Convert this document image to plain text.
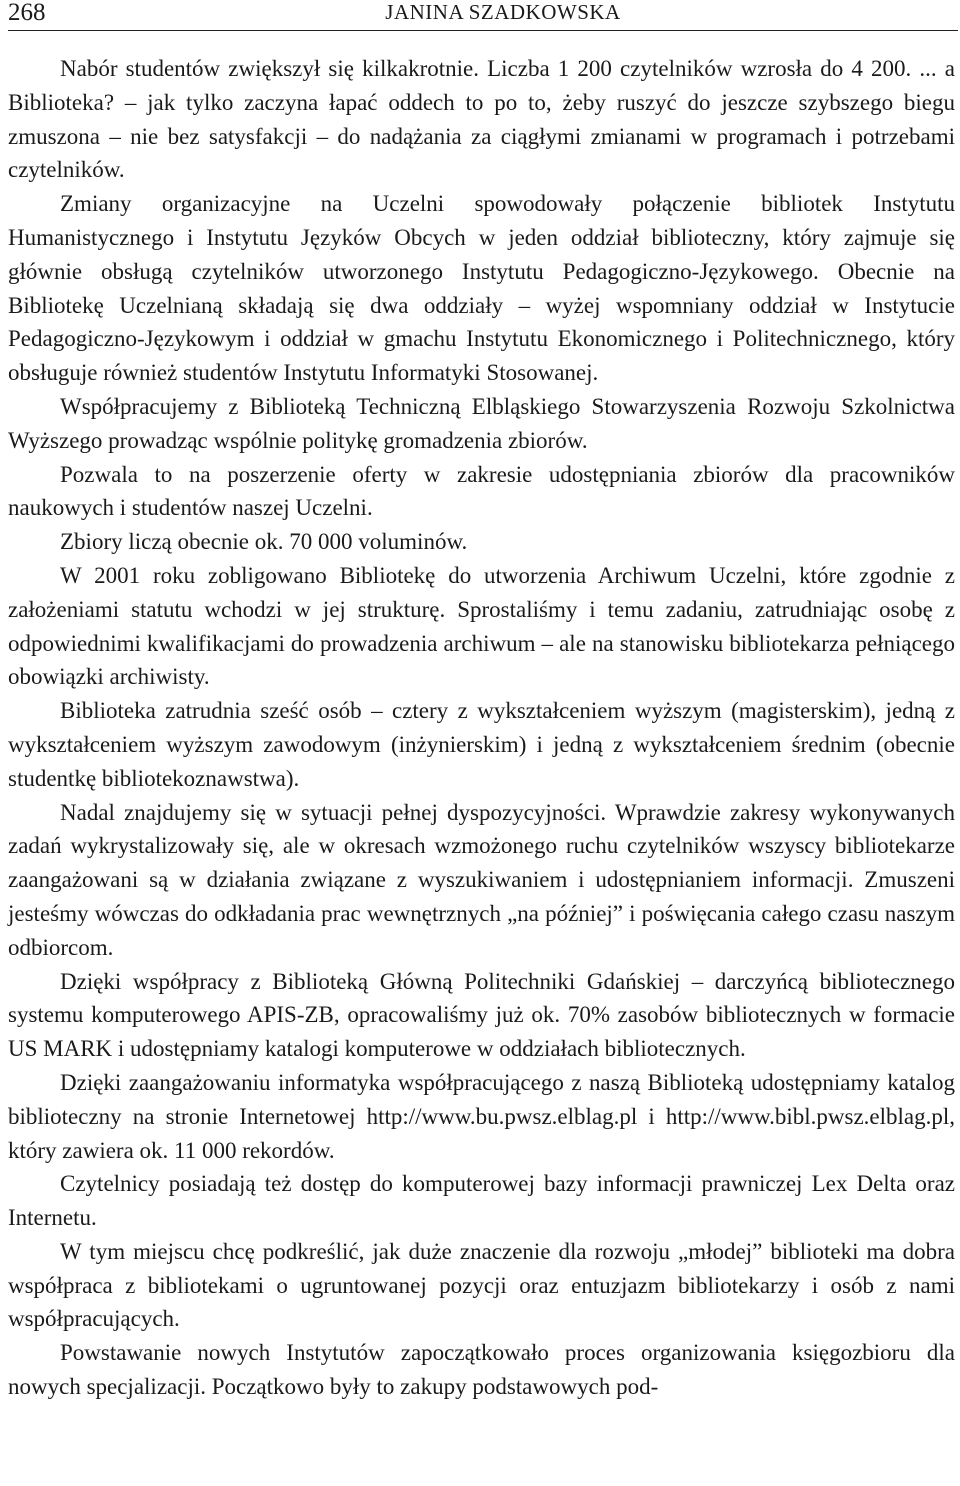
268	JANINA SZADKOWSKA

Nabór studentów zwiększył się kilkakrotnie. Liczba 1 200 czytelników wzrosła do 4 200. ... a Biblioteka? – jak tylko zaczyna łapać oddech to po to, żeby ruszyć do jeszcze szybszego biegu zmuszona – nie bez satysfakcji – do nadążania za ciągłymi zmianami w programach i potrzebami czytelników.

Zmiany organizacyjne na Uczelni spowodowały połączenie bibliotek Instytutu Humanistycznego i Instytutu Języków Obcych w jeden oddział biblioteczny, który zajmuje się głównie obsługą czytelników utworzonego Instytutu Pedagogiczno-Językowego. Obecnie na Bibliotekę Uczelnianą składają się dwa oddziały – wyżej wspomniany oddział w Instytucie Pedagogiczno-Językowym i oddział w gmachu Instytutu Ekonomicznego i Politechnicznego, który obsługuje również studentów Instytutu Informatyki Stosowanej.

Współpracujemy z Biblioteką Techniczną Elbląskiego Stowarzyszenia Rozwoju Szkolnictwa Wyższego prowadząc wspólnie politykę gromadzenia zbiorów.

Pozwala to na poszerzenie oferty w zakresie udostępniania zbiorów dla pracowników naukowych i studentów naszej Uczelni.

Zbiory liczą obecnie ok. 70 000 voluminów.

W 2001 roku zobligowano Bibliotekę do utworzenia Archiwum Uczelni, które zgodnie z założeniami statutu wchodzi w jej strukturę. Sprostaliśmy i temu zadaniu, zatrudniając osobę z odpowiednimi kwalifikacjami do prowadzenia archiwum – ale na stanowisku bibliotekarza pełniącego obowiązki archiwisty.

Biblioteka zatrudnia sześć osób – cztery z wykształceniem wyższym (magisterskim), jedną z wykształceniem wyższym zawodowym (inżynierskim) i jedną z wykształceniem średnim (obecnie studentkę bibliotekoznawstwa).

Nadal znajdujemy się w sytuacji pełnej dyspozycyjności. Wprawdzie zakresy wykonywanych zadań wykrystalizowały się, ale w okresach wzmożonego ruchu czytelników wszyscy bibliotekarze zaangażowani są w działania związane z wyszukiwaniem i udostępnianiem informacji. Zmuszeni jesteśmy wówczas do odkładania prac wewnętrznych „na później” i poświęcania całego czasu naszym odbiorcom.

Dzięki współpracy z Biblioteką Główną Politechniki Gdańskiej – darczyńcą bibliotecznego systemu komputerowego APIS-ZB, opracowaliśmy już ok. 70% zasobów bibliotecznych w formacie US MARK i udostępniamy katalogi komputerowe w oddziałach bibliotecznych.

Dzięki zaangażowaniu informatyka współpracującego z naszą Biblioteką udostępniamy katalog biblioteczny na stronie Internetowej http://www.bu.pwsz.elblag.pl i http://www.bibl.pwsz.elblag.pl, który zawiera ok. 11 000 rekordów.

Czytelnicy posiadają też dostęp do komputerowej bazy informacji prawniczej Lex Delta oraz Internetu.

W tym miejscu chcę podkreślić, jak duże znaczenie dla rozwoju „młodej” biblioteki ma dobra współpraca z bibliotekami o ugruntowanej pozycji oraz entuzjazm bibliotekarzy i osób z nami współpracujących.

Powstawanie nowych Instytutów zapoczątkowało proces organizowania księgozbioru dla nowych specjalizacji. Początkowo były to zakupy podstawowych pod-
